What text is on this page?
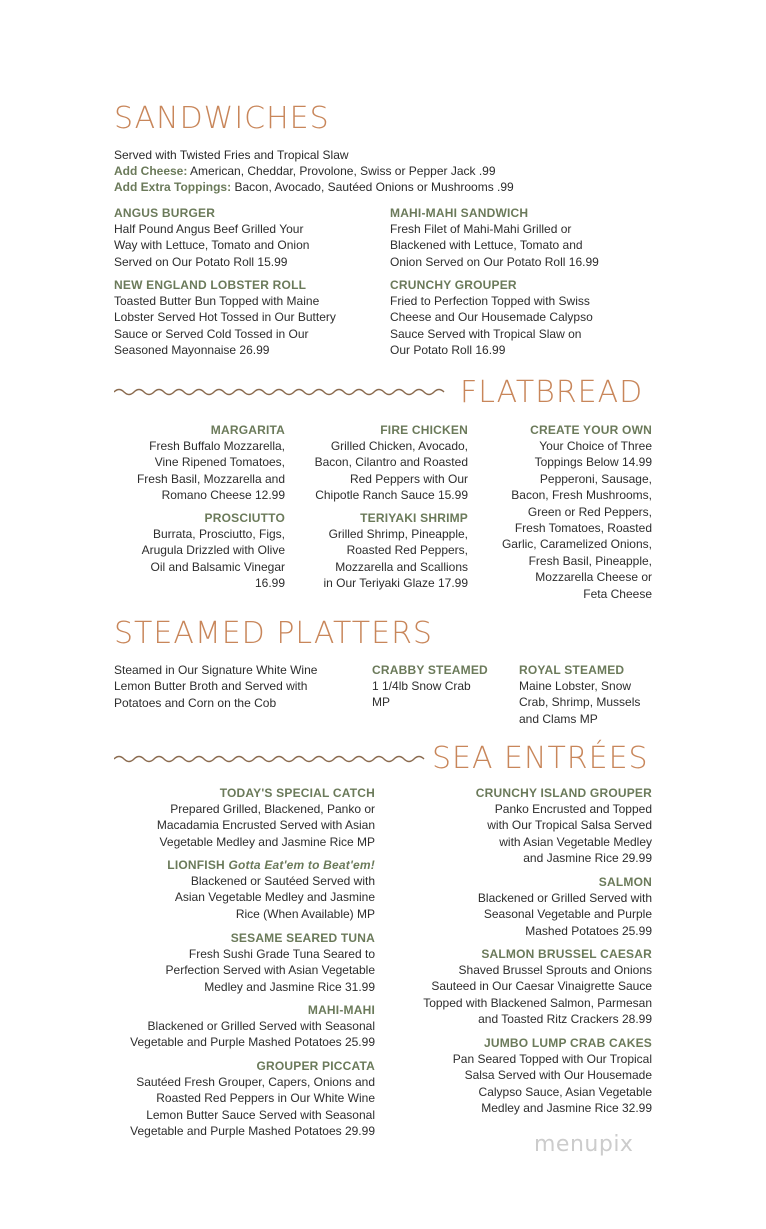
SANDWICHES
Served with Twisted Fries and Tropical Slaw
Add Cheese: American, Cheddar, Provolone, Swiss or Pepper Jack .99
Add Extra Toppings: Bacon, Avocado, Sautéed Onions or Mushrooms .99
ANGUS BURGER
Half Pound Angus Beef Grilled Your
Way with Lettuce, Tomato and Onion
Served on Our Potato Roll 15.99
MAHI-MAHI SANDWICH
Fresh Filet of Mahi-Mahi Grilled or
Blackened with Lettuce, Tomato and
Onion Served on Our Potato Roll 16.99
NEW ENGLAND LOBSTER ROLL
Toasted Butter Bun Topped with Maine
Lobster Served Hot Tossed in Our Buttery
Sauce or Served Cold Tossed in Our
Seasoned Mayonnaise 26.99
CRUNCHY GROUPER
Fried to Perfection Topped with Swiss
Cheese and Our Housemade Calypso
Sauce Served with Tropical Slaw on
Our Potato Roll 16.99
FLATBREAD
MARGARITA
Fresh Buffalo Mozzarella,
Vine Ripened Tomatoes,
Fresh Basil, Mozzarella and
Romano Cheese 12.99
FIRE CHICKEN
Grilled Chicken, Avocado,
Bacon, Cilantro and Roasted
Red Peppers with Our
Chipotle Ranch Sauce 15.99
CREATE YOUR OWN
Your Choice of Three
Toppings Below 14.99
Pepperoni, Sausage,
Bacon, Fresh Mushrooms,
Green or Red Peppers,
Fresh Tomatoes, Roasted
Garlic, Caramelized Onions,
Fresh Basil, Pineapple,
Mozzarella Cheese or
Feta Cheese
PROSCIUTTO
Burrata, Prosciutto, Figs,
Arugula Drizzled with Olive
Oil and Balsamic Vinegar
16.99
TERIYAKI SHRIMP
Grilled Shrimp, Pineapple,
Roasted Red Peppers,
Mozzarella and Scallions
in Our Teriyaki Glaze 17.99
STEAMED PLATTERS
Steamed in Our Signature White Wine
Lemon Butter Broth and Served with
Potatoes and Corn on the Cob
CRABBY STEAMED
1 1/4lb Snow Crab
MP
ROYAL STEAMED
Maine Lobster, Snow
Crab, Shrimp, Mussels
and Clams MP
SEA ENTRÉES
TODAY'S SPECIAL CATCH
Prepared Grilled, Blackened, Panko or
Macadamia Encrusted Served with Asian
Vegetable Medley and Jasmine Rice MP
LIONFISH Gotta Eat'em to Beat'em!
Blackened or Sautéed Served with
Asian Vegetable Medley and Jasmine
Rice (When Available) MP
SESAME SEARED TUNA
Fresh Sushi Grade Tuna Seared to
Perfection Served with Asian Vegetable
Medley and Jasmine Rice 31.99
MAHI-MAHI
Blackened or Grilled Served with Seasonal
Vegetable and Purple Mashed Potatoes 25.99
GROUPER PICCATA
Sautéed Fresh Grouper, Capers, Onions and
Roasted Red Peppers in Our White Wine
Lemon Butter Sauce Served with Seasonal
Vegetable and Purple Mashed Potatoes 29.99
CRUNCHY ISLAND GROUPER
Panko Encrusted and Topped
with Our Tropical Salsa Served
with Asian Vegetable Medley
and Jasmine Rice 29.99
SALMON
Blackened or Grilled Served with
Seasonal Vegetable and Purple
Mashed Potatoes 25.99
SALMON BRUSSEL CAESAR
Shaved Brussel Sprouts and Onions
Sauteed in Our Caesar Vinaigrette Sauce
Topped with Blackened Salmon, Parmesan
and Toasted Ritz Crackers 28.99
JUMBO LUMP CRAB CAKES
Pan Seared Topped with Our Tropical
Salsa Served with Our Housemade
Calypso Sauce, Asian Vegetable
Medley and Jasmine Rice 32.99
menupix
